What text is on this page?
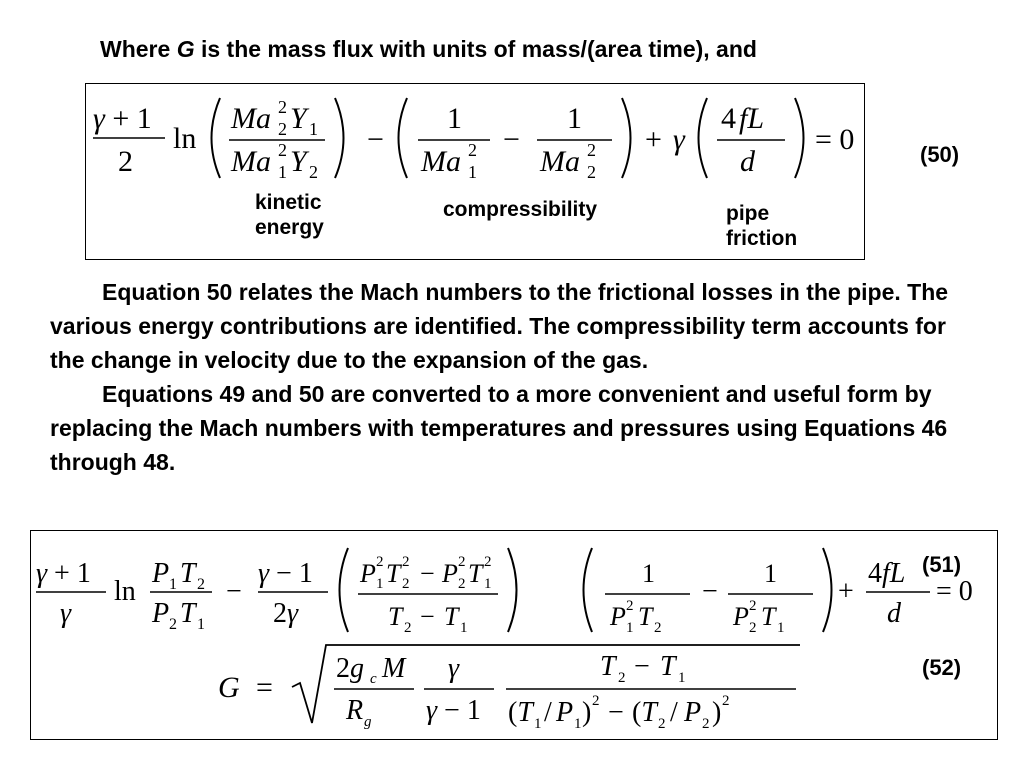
Where G is the mass flux with units of mass/(area time), and
γ + 1
2
ln
Ma 2
2 Y 1
Ma 2
1 Y 2
−
1
Ma 2
1
−
1
Ma 2
2
+ γ
4 fL
d
= 0	(50)
kinetic energy
compressibility	pipe friction

Equation 50 relates the Mach numbers to the frictional losses in the pipe. The various energy contributions are identified. The compressibility term accounts for the change in velocity due to the expansion of the gas.

Equations 49 and 50 are converted to a more convenient and useful form by replacing the Mach numbers with temperatures and pressures using Equations 46 through 48.

γ + 1
γ
ln
P 1 T 2
P 2 T 1
−
γ − 1
2γ
P 2
1 T 2
2 − P 2
2 T 2
1
T 2 − T 1
1
P 2
1 T 2
−
1
P 2
2 T 1
+
4fL
d
= 0
(51)
G =
2g c M
R g
γ
γ − 1
T 2 − T 1
(T 1 / P 1 ) 2 − (T 2 / P 2 ) 2
(52)
